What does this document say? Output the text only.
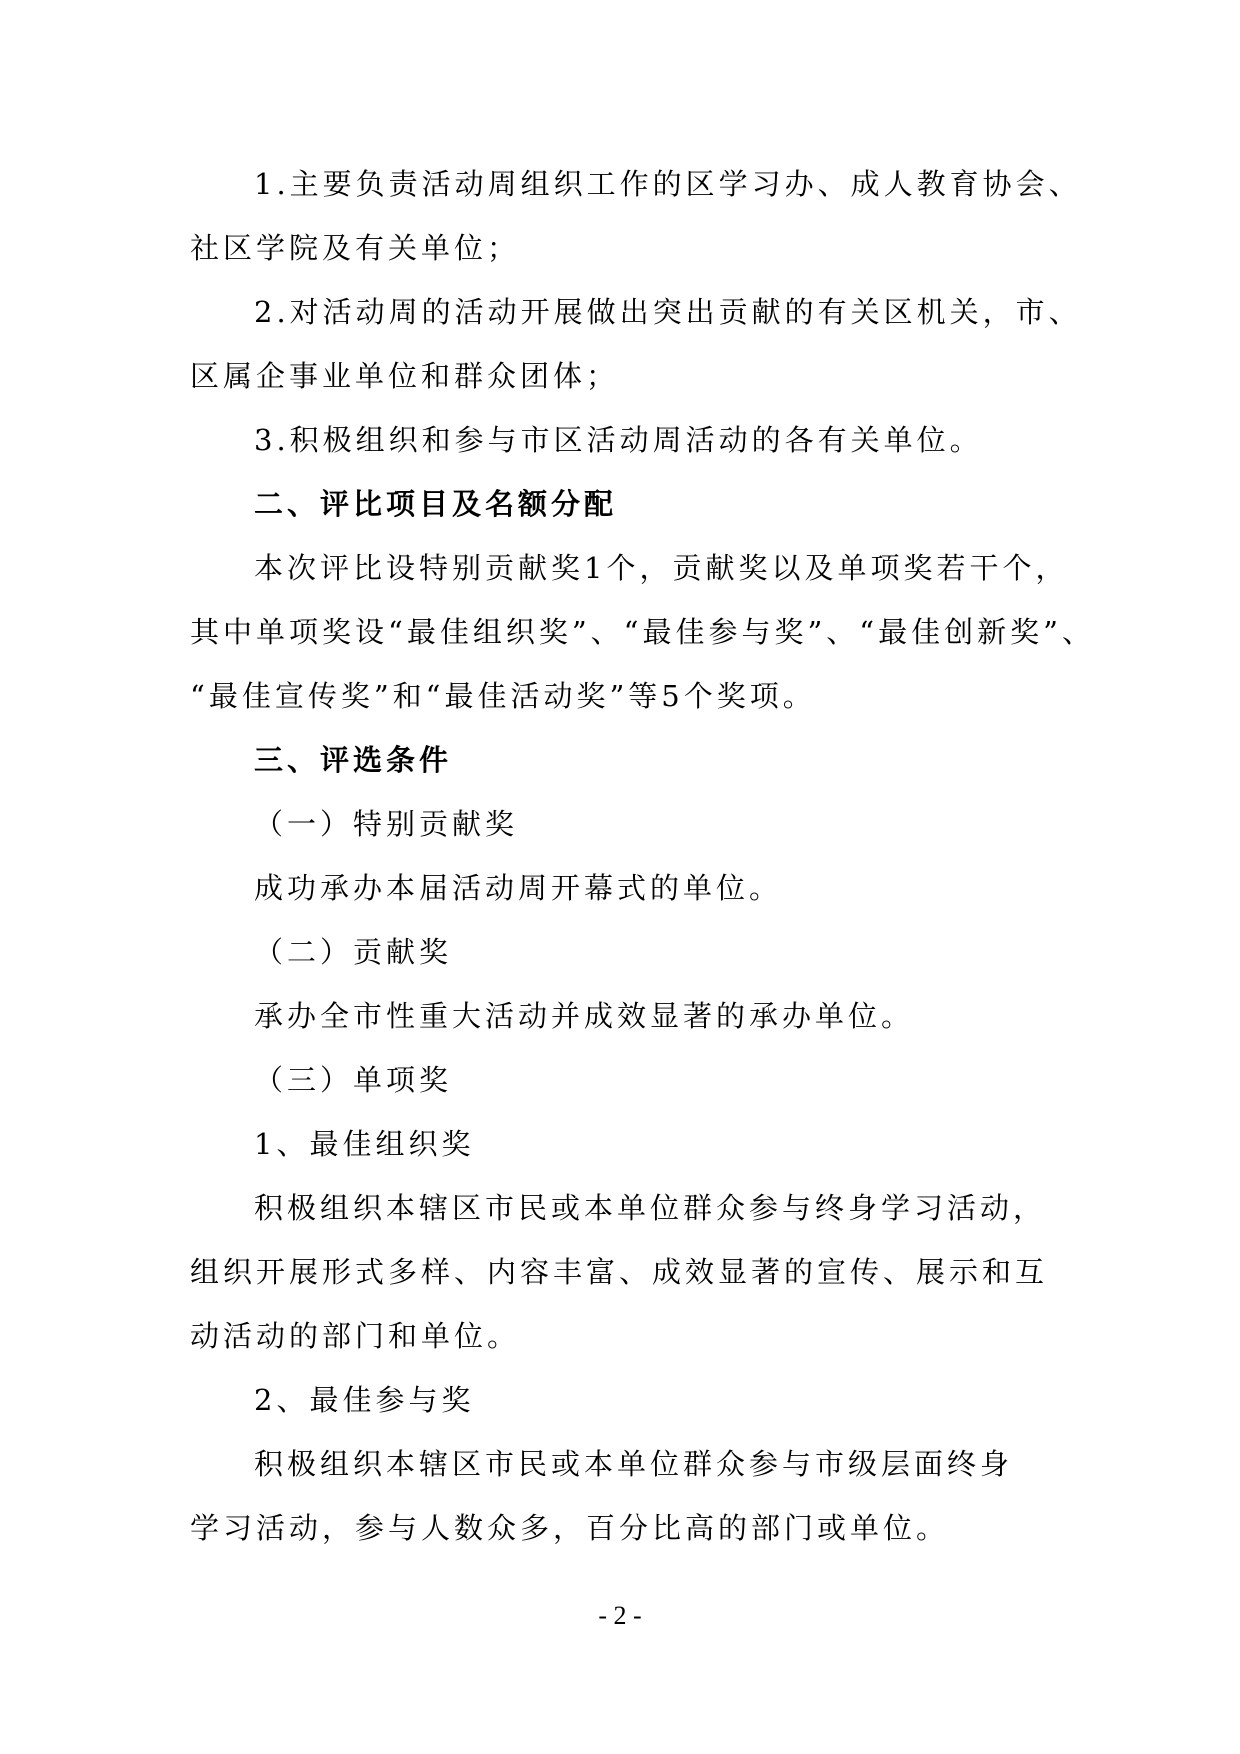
1.主要负责活动周组织工作的区学习办、成人教育协会、
社区学院及有关单位；
2.对活动周的活动开展做出突出贡献的有关区机关，市、
区属企事业单位和群众团体；
3.积极组织和参与市区活动周活动的各有关单位。
二、评比项目及名额分配
本次评比设特别贡献奖1个，贡献奖以及单项奖若干个，
其中单项奖设“最佳组织奖”、“最佳参与奖”、“最佳创新奖”、
“最佳宣传奖”和“最佳活动奖”等5个奖项。
三、评选条件
（一）特别贡献奖
成功承办本届活动周开幕式的单位。
（二）贡献奖
承办全市性重大活动并成效显著的承办单位。
（三）单项奖
1、最佳组织奖
积极组织本辖区市民或本单位群众参与终身学习活动，
组织开展形式多样、内容丰富、成效显著的宣传、展示和互
动活动的部门和单位。
2、最佳参与奖
积极组织本辖区市民或本单位群众参与市级层面终身
学习活动，参与人数众多，百分比高的部门或单位。
- 2 -
